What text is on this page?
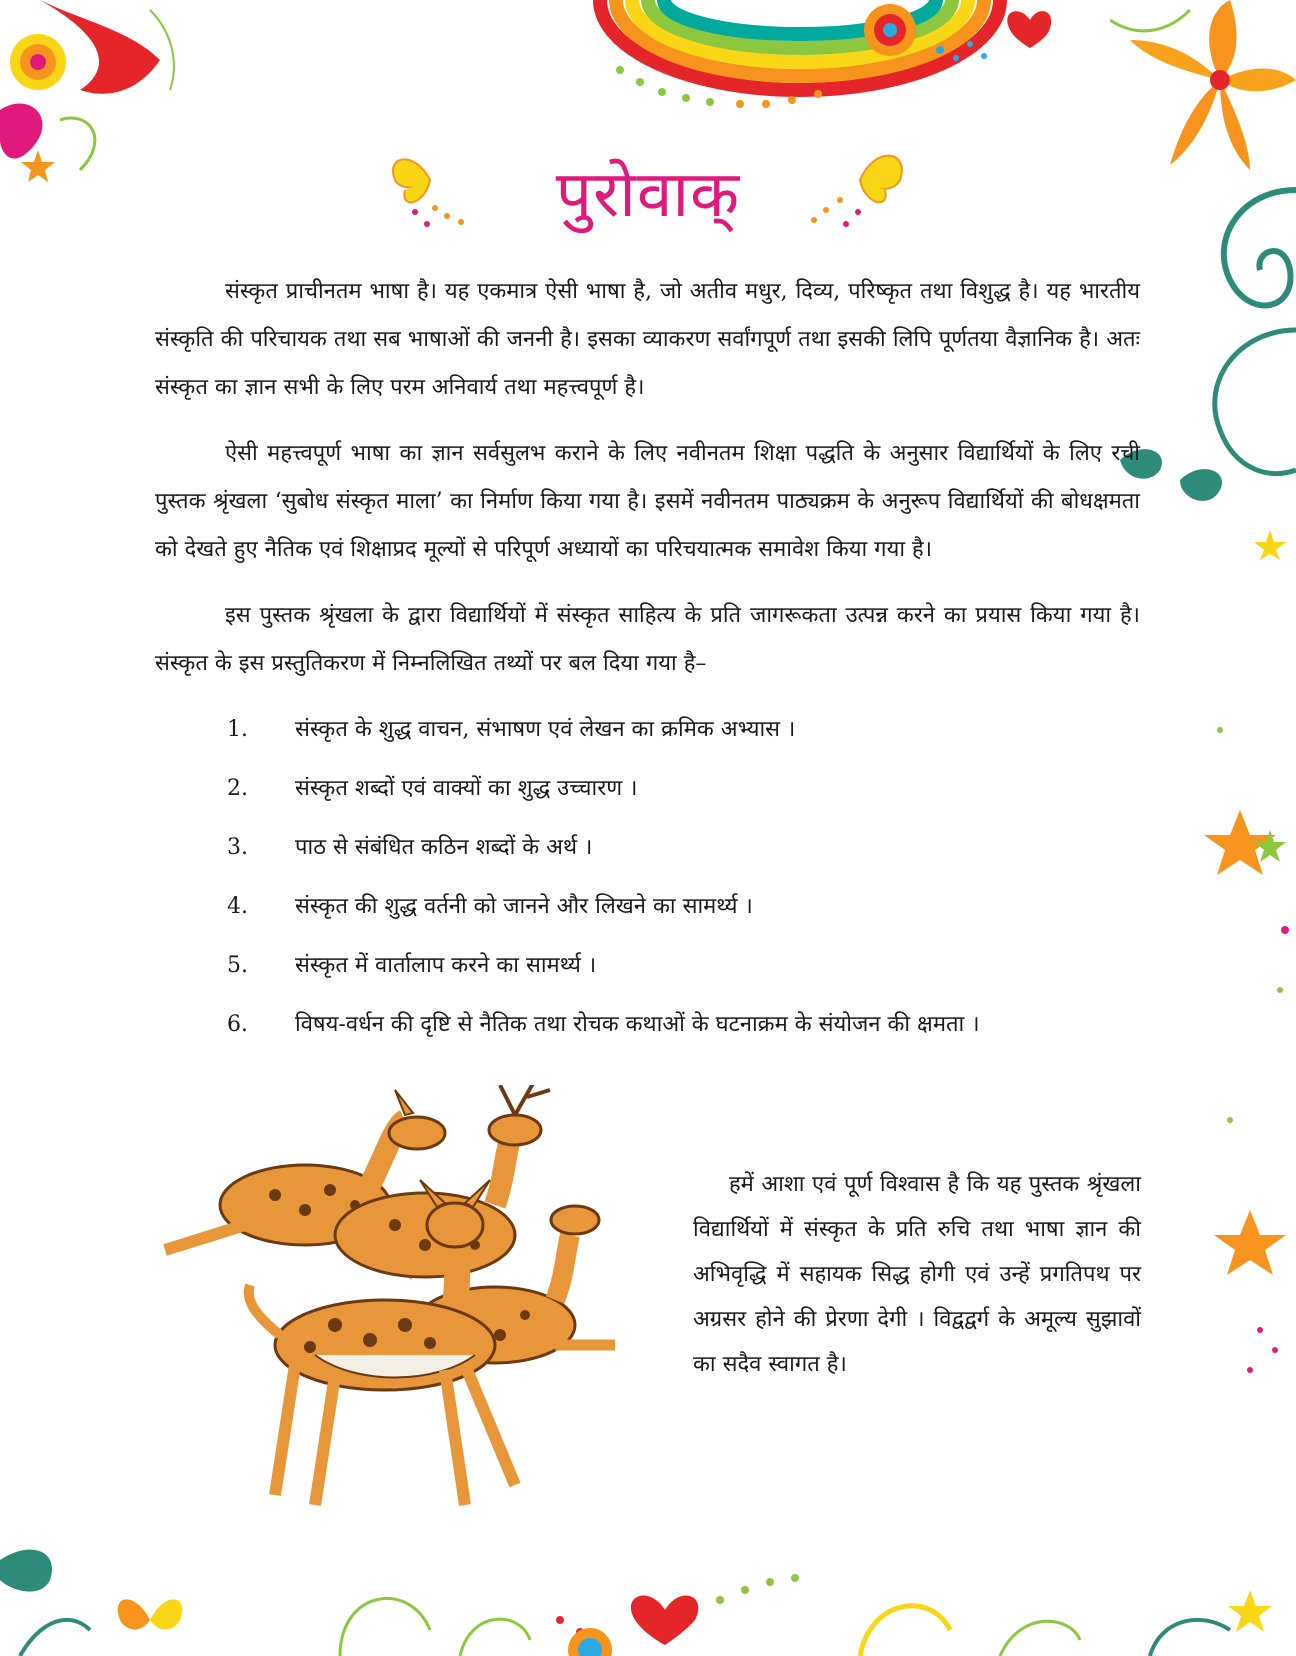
पुरोवाक्

संस्कृत प्राचीनतम भाषा है। यह एकमात्र ऐसी भाषा है, जो अतीव मधुर, दिव्य, परिष्कृत तथा विशुद्ध है। यह भारतीय संस्कृति की परिचायक तथा सब भाषाओं की जननी है। इसका व्याकरण सर्वांगपूर्ण तथा इसकी लिपि पूर्णतया वैज्ञानिक है। अतः संस्कृत का ज्ञान सभी के लिए परम अनिवार्य तथा महत्त्वपूर्ण है।

ऐसी महत्त्वपूर्ण भाषा का ज्ञान सर्वसुलभ कराने के लिए नवीनतम शिक्षा पद्धति के अनुसार विद्यार्थियों के लिए रची पुस्तक श्रृंखला ‘सुबोध संस्कृत माला’ का निर्माण किया गया है। इसमें नवीनतम पाठ्यक्रम के अनुरूप विद्यार्थियों की बोधक्षमता को देखते हुए नैतिक एवं शिक्षाप्रद मूल्यों से परिपूर्ण अध्यायों का परिचयात्मक समावेश किया गया है।

इस पुस्तक श्रृंखला के द्वारा विद्यार्थियों में संस्कृत साहित्य के प्रति जागरूकता उत्पन्न करने का प्रयास किया गया है। संस्कृत के इस प्रस्तुतिकरण में निम्नलिखित तथ्यों पर बल दिया गया है–

1.	संस्कृत के शुद्ध वाचन, संभाषण एवं लेखन का क्रमिक अभ्यास ।
2.	संस्कृत शब्दों एवं वाक्यों का शुद्ध उच्चारण ।
3.	पाठ से संबंधित कठिन शब्दों के अर्थ ।
4.	संस्कृत की शुद्ध वर्तनी को जानने और लिखने का सामर्थ्य ।
5.	संस्कृत में वार्तालाप करने का सामर्थ्य ।
6.	विषय-वर्धन की दृष्टि से नैतिक तथा रोचक कथाओं के घटनाक्रम के संयोजन की क्षमता ।

हमें आशा एवं पूर्ण विश्वास है कि यह पुस्तक श्रृंखला विद्यार्थियों में संस्कृत के प्रति रुचि तथा भाषा ज्ञान की अभिवृद्धि में सहायक सिद्ध होगी एवं उन्हें प्रगतिपथ पर अग्रसर होने की प्रेरणा देगी । विद्वद्वर्ग के अमूल्य सुझावों का सदैव स्वागत है।
